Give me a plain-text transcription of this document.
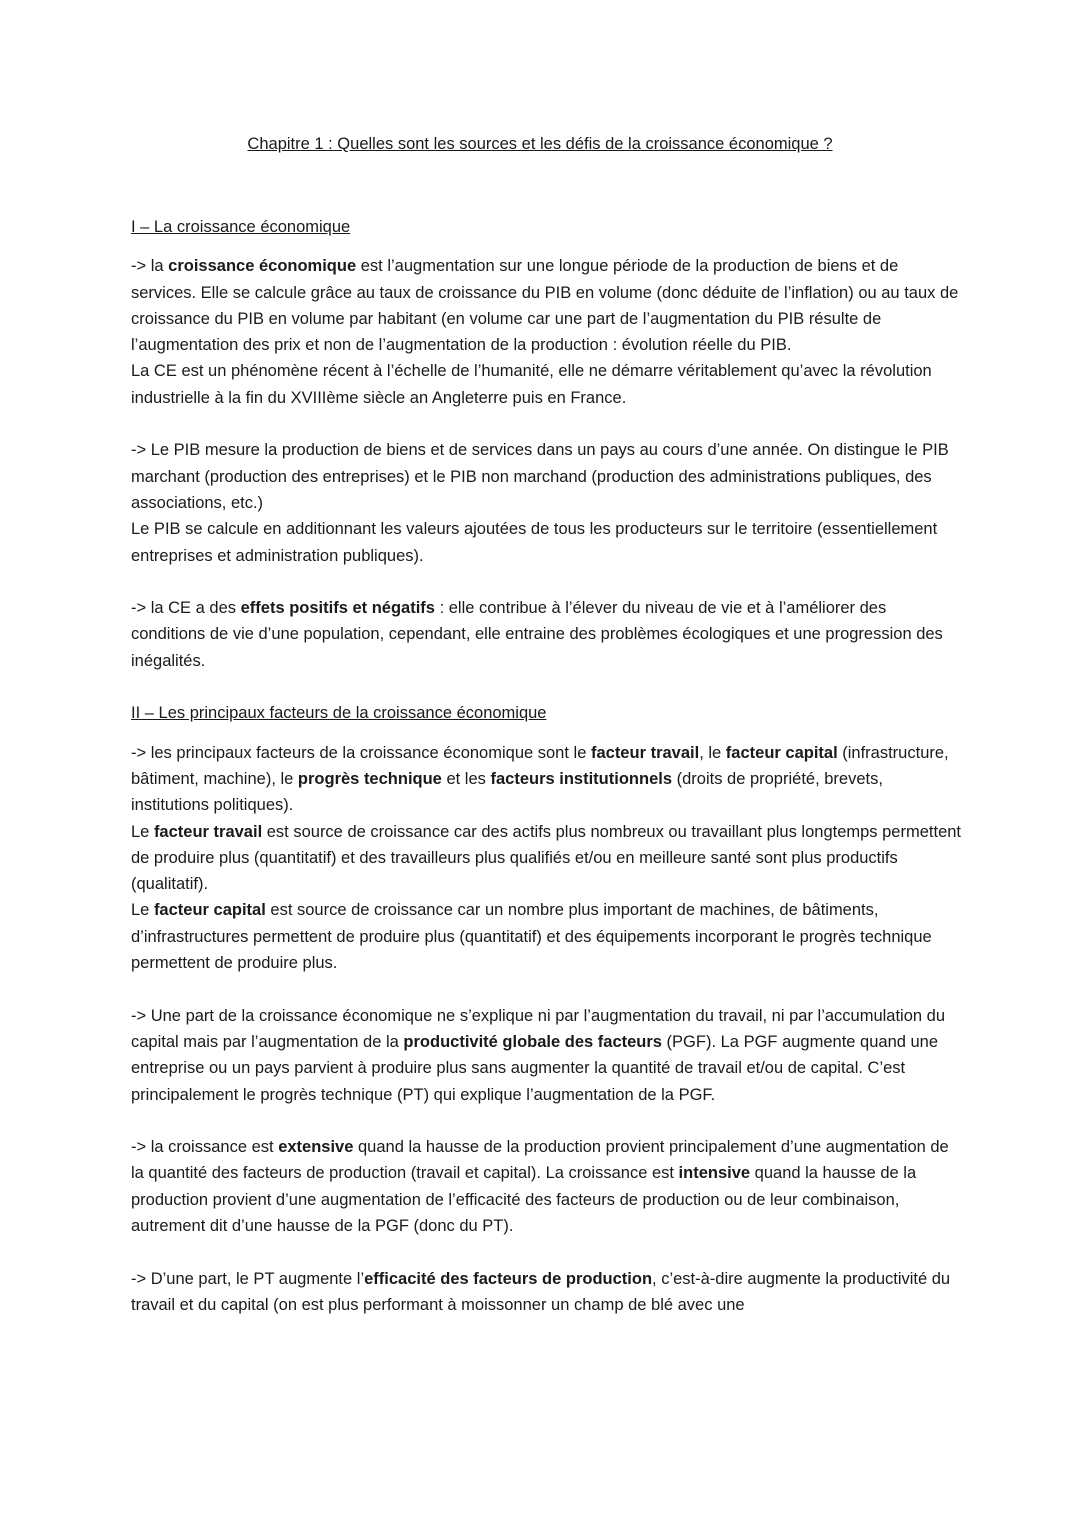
Chapitre 1 : Quelles sont les sources et les défis de la croissance économique ?
I – La croissance économique
-> la croissance économique est l’augmentation sur une longue période de la production de biens et de services. Elle se calcule grâce au taux de croissance du PIB en volume (donc déduite de l’inflation) ou au taux de croissance du PIB en volume par habitant (en volume car une part de l’augmentation du PIB résulte de l’augmentation des prix et non de l’augmentation de la production : évolution réelle du PIB.
La CE est un phénomène récent à l’échelle de l’humanité, elle ne démarre véritablement qu’avec la révolution industrielle à la fin du XVIIIème siècle an Angleterre puis en France.
-> Le PIB mesure la production de biens et de services dans un pays au cours d’une année. On distingue le PIB marchant (production des entreprises) et le PIB non marchand (production des administrations publiques, des associations, etc.)
Le PIB se calcule en additionnant les valeurs ajoutées de tous les producteurs sur le territoire (essentiellement entreprises et administration publiques).
-> la CE a des effets positifs et négatifs : elle contribue à l’élever du niveau de vie et à l’améliorer des conditions de vie d’une population, cependant, elle entraine des problèmes écologiques et une progression des inégalités.
II – Les principaux facteurs de la croissance économique
-> les principaux facteurs de la croissance économique sont le facteur travail, le facteur capital (infrastructure, bâtiment, machine), le progrès technique et les facteurs institutionnels (droits de propriété, brevets, institutions politiques).
Le facteur travail est source de croissance car des actifs plus nombreux ou travaillant plus longtemps permettent de produire plus (quantitatif) et des travailleurs plus qualifiés et/ou en meilleure santé sont plus productifs (qualitatif).
Le facteur capital est source de croissance car un nombre plus important de machines, de bâtiments, d’infrastructures permettent de produire plus (quantitatif) et des équipements incorporant le progrès technique permettent de produire plus.
-> Une part de la croissance économique ne s’explique ni par l’augmentation du travail, ni par l’accumulation du capital mais par l’augmentation de la productivité globale des facteurs (PGF). La PGF augmente quand une entreprise ou un pays parvient à produire plus sans augmenter la quantité de travail et/ou de capital. C’est principalement le progrès technique (PT) qui explique l’augmentation de la PGF.
-> la croissance est extensive quand la hausse de la production provient principalement d’une augmentation de la quantité des facteurs de production (travail et capital). La croissance est intensive quand la hausse de la production provient d’une augmentation de l’efficacité des facteurs de production ou de leur combinaison, autrement dit d’une hausse de la PGF (donc du PT).
-> D’une part, le PT augmente l’efficacité des facteurs de production, c’est-à-dire augmente la productivité du travail et du capital (on est plus performant à moissonner un champ de blé avec une
